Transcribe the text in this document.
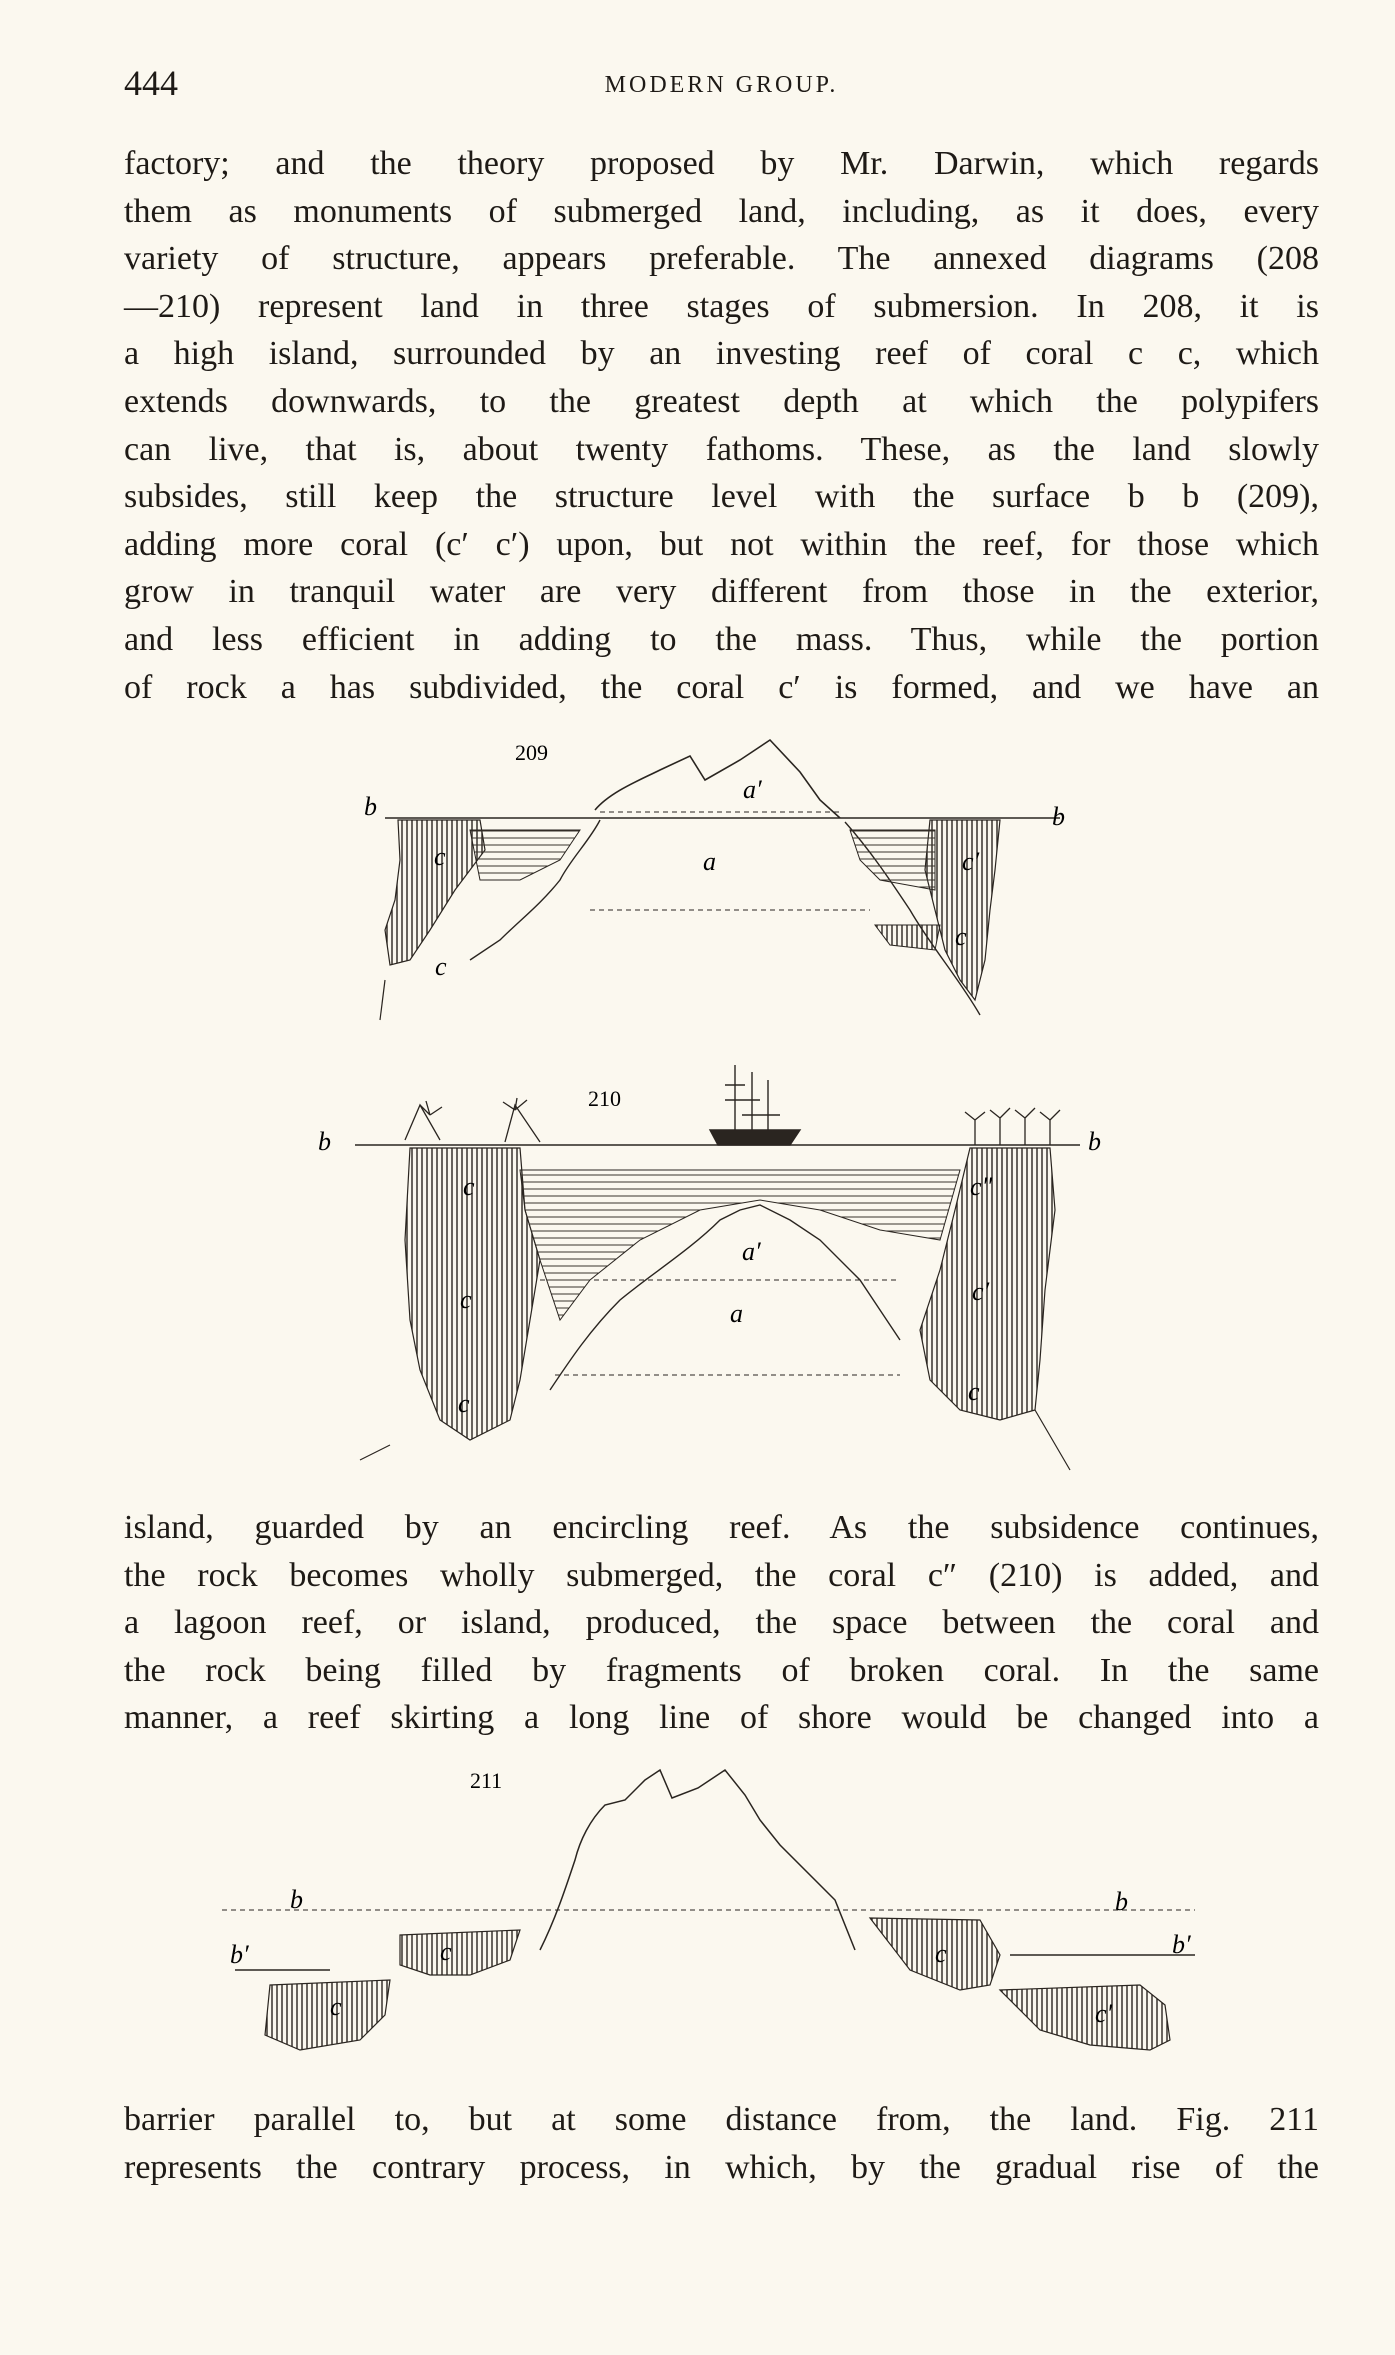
444	MODERN GROUP.
factory; and the theory proposed by Mr. Darwin, which regards
them as monuments of submerged land, including, as it does, every
variety of structure, appears preferable. The annexed diagrams (208
—210) represent land in three stages of submersion. In 208, it is
a high island, surrounded by an investing reef of coral c c, which
extends downwards, to the greatest depth at which the polypifers
can live, that is, about twenty fathoms. These, as the land slowly
subsides, still keep the structure level with the surface b b (209),
adding more coral (c′ c′) upon, but not within the reef, for those which
grow in tranquil water are very different from those in the exterior,
and less efficient in adding to the mass. Thus, while the portion
of rock a has subdivided, the coral c′ is formed, and we have an
209
b	b
a′
a
c
c
c′
c
210
b	b
a′
a
c
c
c
c″
c′
c
island, guarded by an encircling reef. As the subsidence continues,
the rock becomes wholly submerged, the coral c″ (210) is added, and
a lagoon reef, or island, produced, the space between the coral and
the rock being filled by fragments of broken coral. In the same
manner, a reef skirting a long line of shore would be changed into a
211
b	b
b′	b′
c
c
c
c′
barrier parallel to, but at some distance from, the land. Fig. 211
represents the contrary process, in which, by the gradual rise of the
